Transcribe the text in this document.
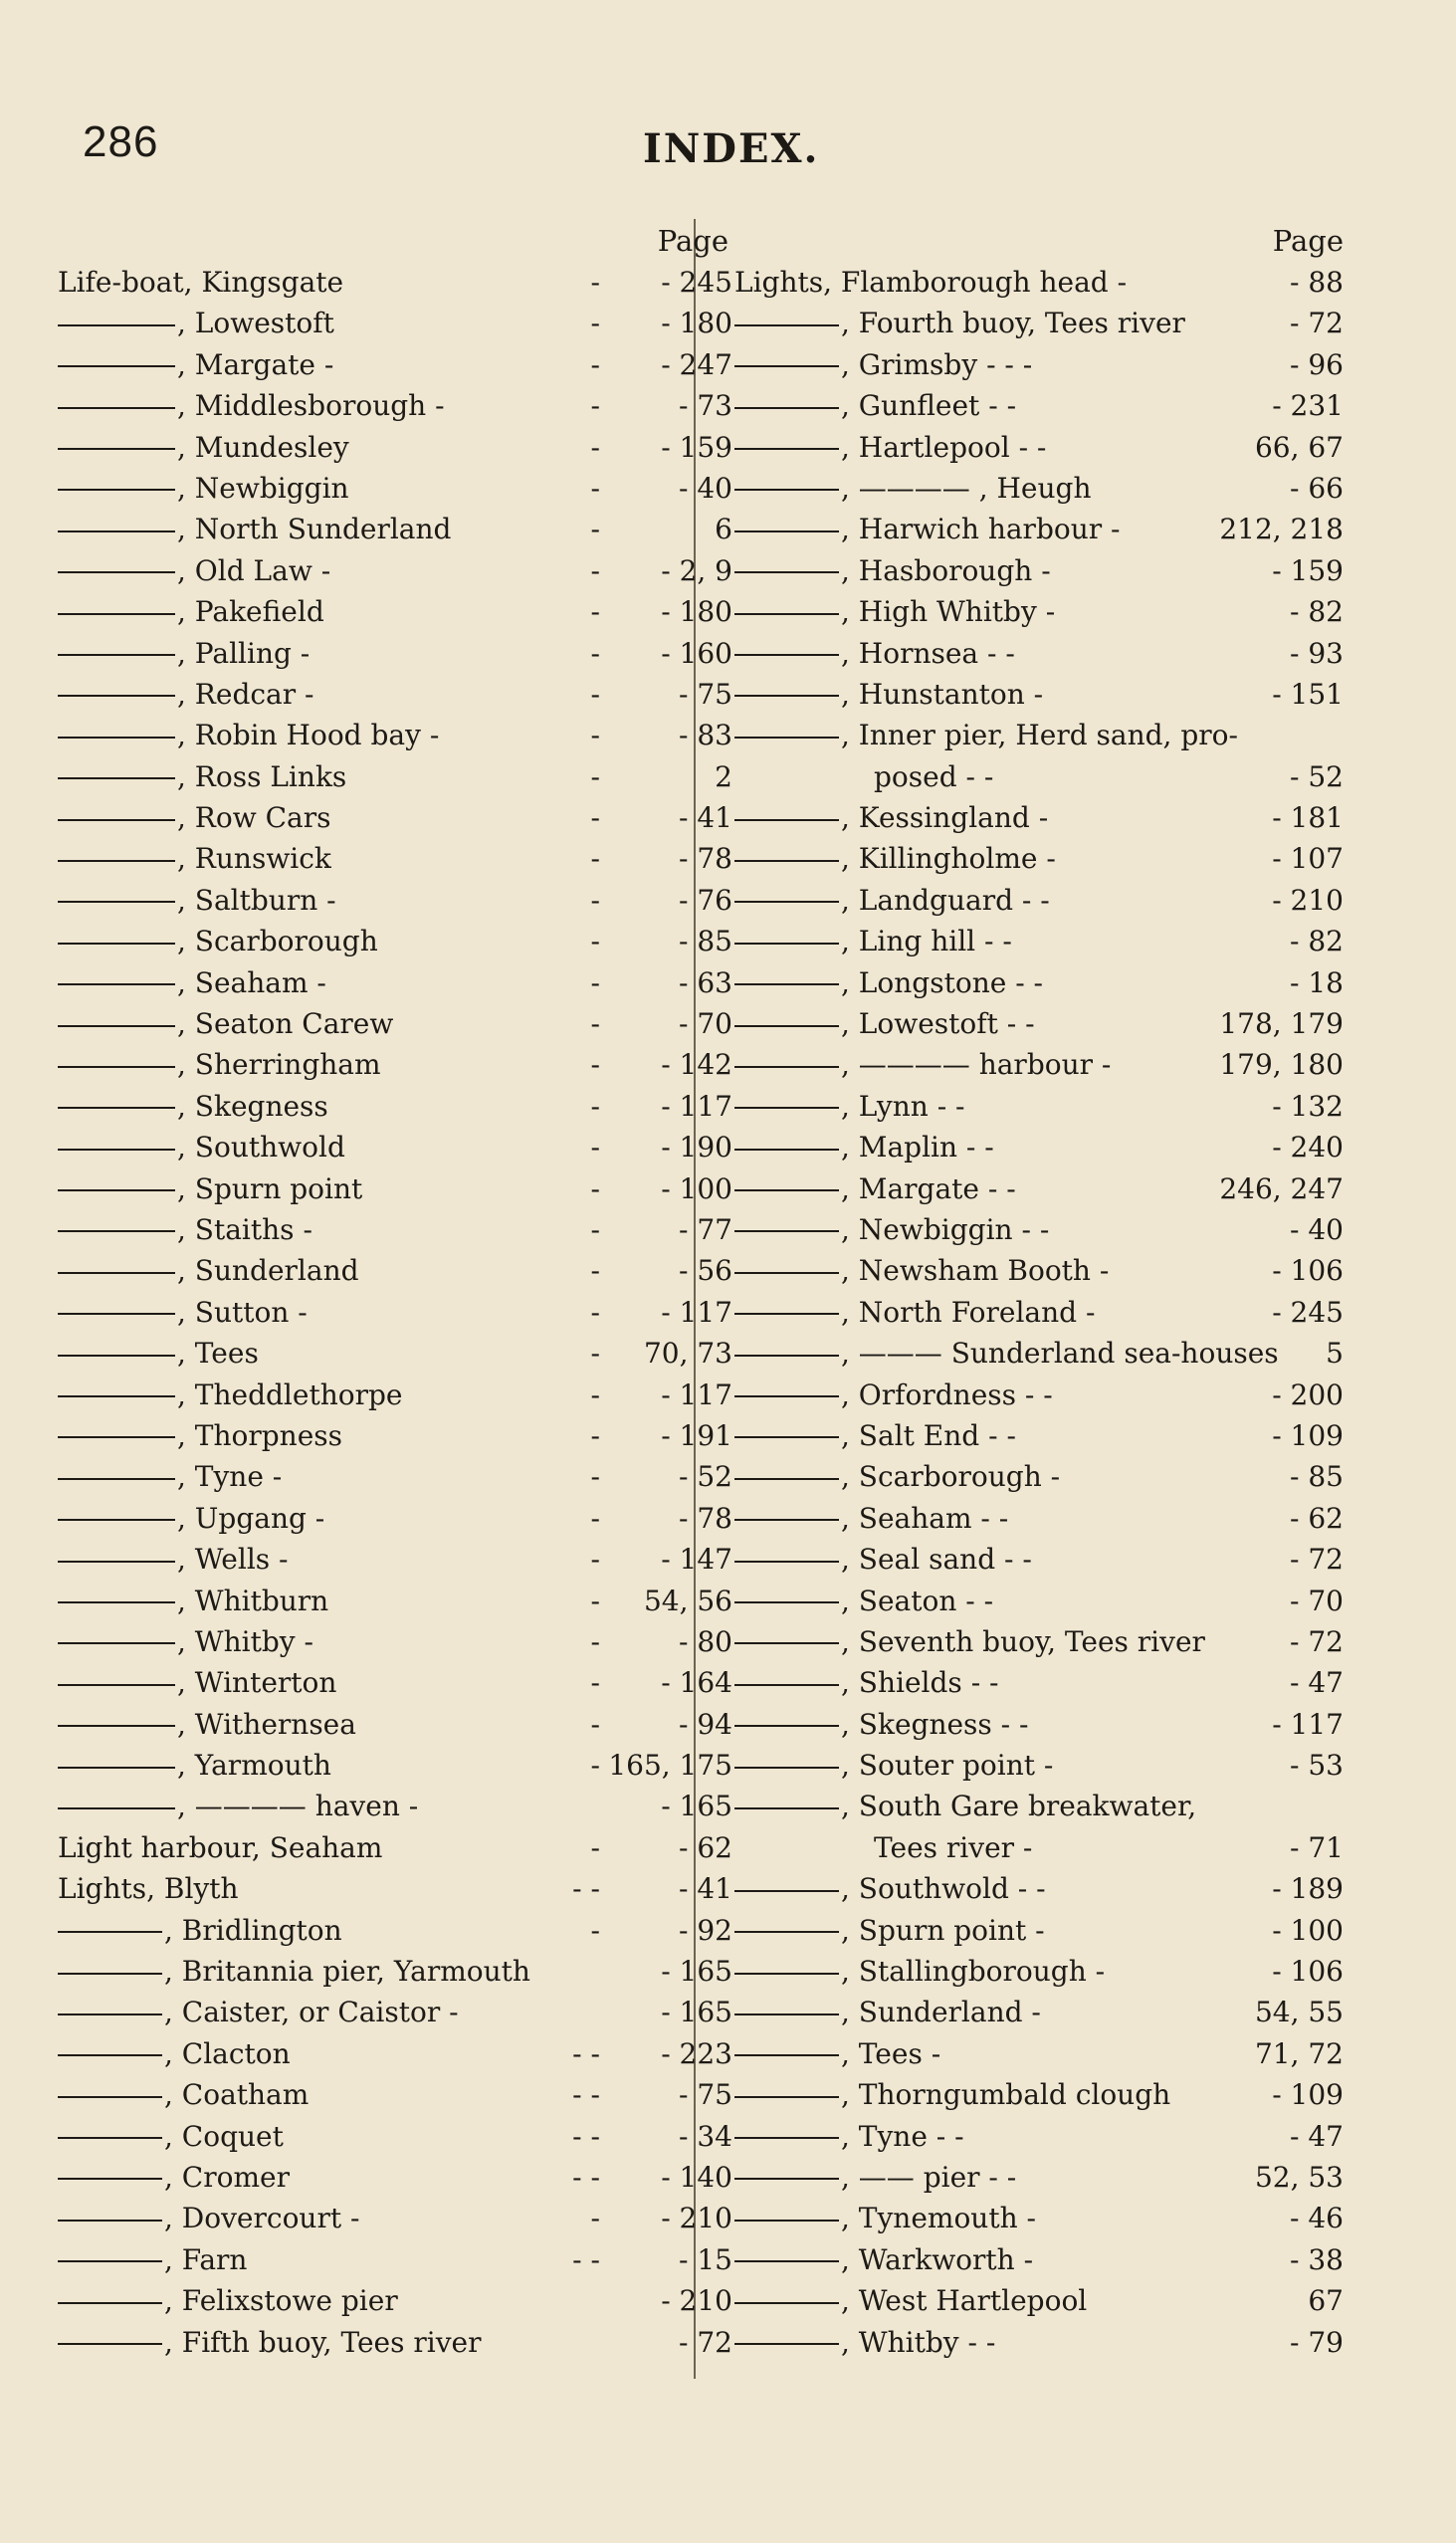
286	INDEX.
Page
Life-boat, Kingsgate	- - 245
, Lowestoft	- - 180
, Margate -	- - 247
, Middlesborough -	-	- 73
, Mundesley	- - 159
, Newbiggin	-	- 40
, North Sunderland	-	6
, Old Law -	- - 2, 9
, Pakefield	- - 180
, Palling -	- - 160
, Redcar -	-	- 75
, Robin Hood bay -	-	- 83
, Ross Links	-	2
, Row Cars	-	- 41
, Runswick	-	- 78
, Saltburn -	-	- 76
, Scarborough	-	- 85
, Seaham -	-	- 63
, Seaton Carew	-	- 70
, Sherringham	- - 142
, Skegness	- - 117
, Southwold	- - 190
, Spurn point	- - 100
, Staiths -	-	- 77
, Sunderland	-	- 56
, Sutton -	- - 117
, Tees	- 70, 73
, Theddlethorpe	- - 117
, Thorpness	- - 191
, Tyne -	-	- 52
, Upgang -	-	- 78
, Wells -	- - 147
, Whitburn	- 54, 56
, Whitby -	-	- 80
, Winterton	- - 164
, Withernsea	-	- 94
, Yarmouth	- 165, 175
, ———— haven -	- 165
Light harbour, Seaham	-	- 62
Lights, Blyth	- -	- 41
, Bridlington	-	- 92
, Britannia pier, Yarmouth	- 165
, Caister, or Caistor -	- 165
, Clacton	- - - 223
, Coatham	- -	- 75
, Coquet	- -	- 34
, Cromer	- - - 140
, Dovercourt -	- - 210
, Farn	- -	- 15
, Felixstowe pier	- 210
, Fifth buoy, Tees river	- 72
Page
Lights, Flamborough head -	- 88
, Fourth buoy, Tees river	- 72
, Grimsby - - -	- 96
, Gunfleet - -	- 231
, Hartlepool - -	66, 67
, ———— , Heugh	- 66
, Harwich harbour -	212, 218
, Hasborough -	- 159
, High Whitby -	- 82
, Hornsea - -	- 93
, Hunstanton -	- 151
, Inner pier, Herd sand, pro-
posed - -	- 52
, Kessingland -	- 181
, Killingholme -	- 107
, Landguard - -	- 210
, Ling hill - -	- 82
, Longstone - -	- 18
, Lowestoft - -	178, 179
, ———— harbour -	179, 180
, Lynn - -	- 132
, Maplin - -	- 240
, Margate - -	246, 247
, Newbiggin - -	- 40
, Newsham Booth -	- 106
, North Foreland -	- 245
, ——— Sunderland sea-houses 5
, Orfordness - -	- 200
, Salt End - -	- 109
, Scarborough -	- 85
, Seaham - -	- 62
, Seal sand - -	- 72
, Seaton - -	- 70
, Seventh buoy, Tees river	- 72
, Shields - -	- 47
, Skegness - -	- 117
, Souter point -	- 53
, South Gare breakwater,
Tees river -	- 71
, Southwold - -	- 189
, Spurn point -	- 100
, Stallingborough -	- 106
, Sunderland -	54, 55
, Tees -	71, 72
, Thorngumbald clough	- 109
, Tyne - -	- 47
, —— pier - -	52, 53
, Tynemouth -	- 46
, Warkworth -	- 38
, West Hartlepool	67
, Whitby - -	- 79
